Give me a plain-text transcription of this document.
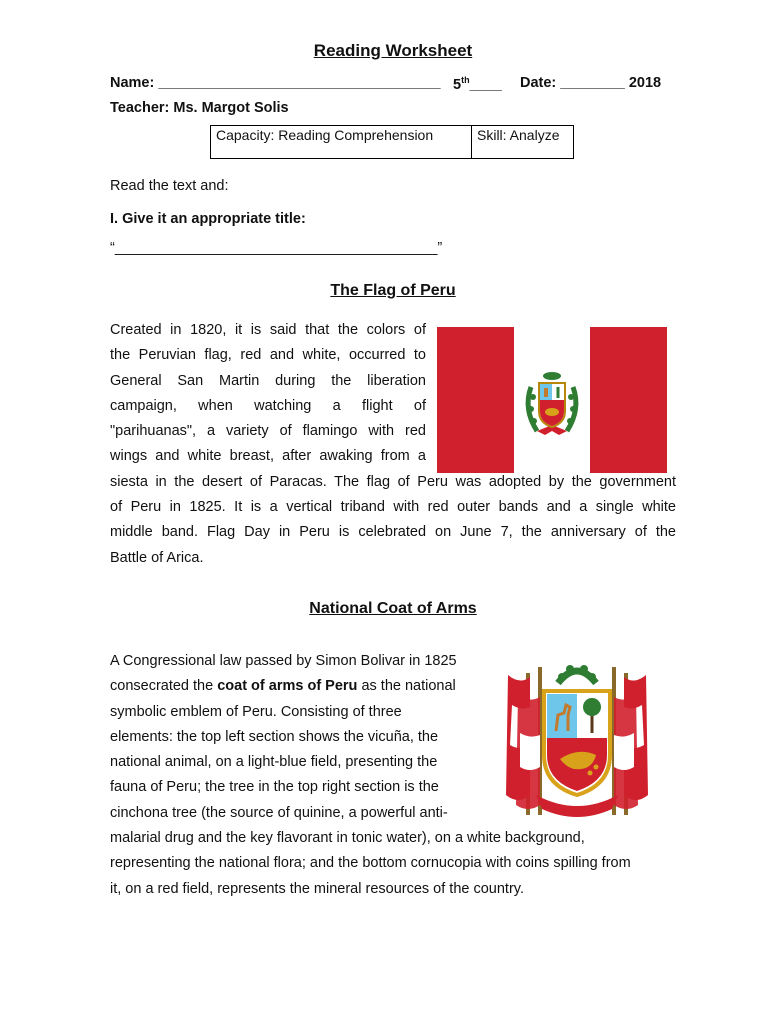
Reading Worksheet
Name: ___________________________________ 5th____ Date: ________ 2018
Teacher: Ms. Margot Solis
Capacity: Reading Comprehension	Skill: Analyze
Read the text and:
I. Give it an appropriate title:
“________________________________________”
The Flag of Peru

Created in 1820, it is said that the colors of

the Peruvian flag, red and white, occurred to

General San Martin during the liberation

campaign, when watching a flight of

"parihuanas", a variety of flamingo with red

wings and white breast, after awaking from a

siesta in the desert of Paracas. The flag of Peru was adopted by the government

of Peru in 1825. It is a vertical triband with red outer bands and a single white

middle band. Flag Day in Peru is celebrated on June 7, the anniversary of the

Battle of Arica.

National Coat of Arms

A Congressional law passed by Simon Bolivar in 1825

consecrated the coat of arms of Peru as the national

symbolic emblem of Peru. Consisting of three

elements: the top left section shows the vicuña, the

national animal, on a light-blue field, presenting the

fauna of Peru; the tree in the top right section is the

cinchona tree (the source of quinine, a powerful anti-

malarial drug and the key flavorant in tonic water), on a white background,

representing the national flora; and the bottom cornucopia with coins spilling from

it, on a red field, represents the mineral resources of the country.
